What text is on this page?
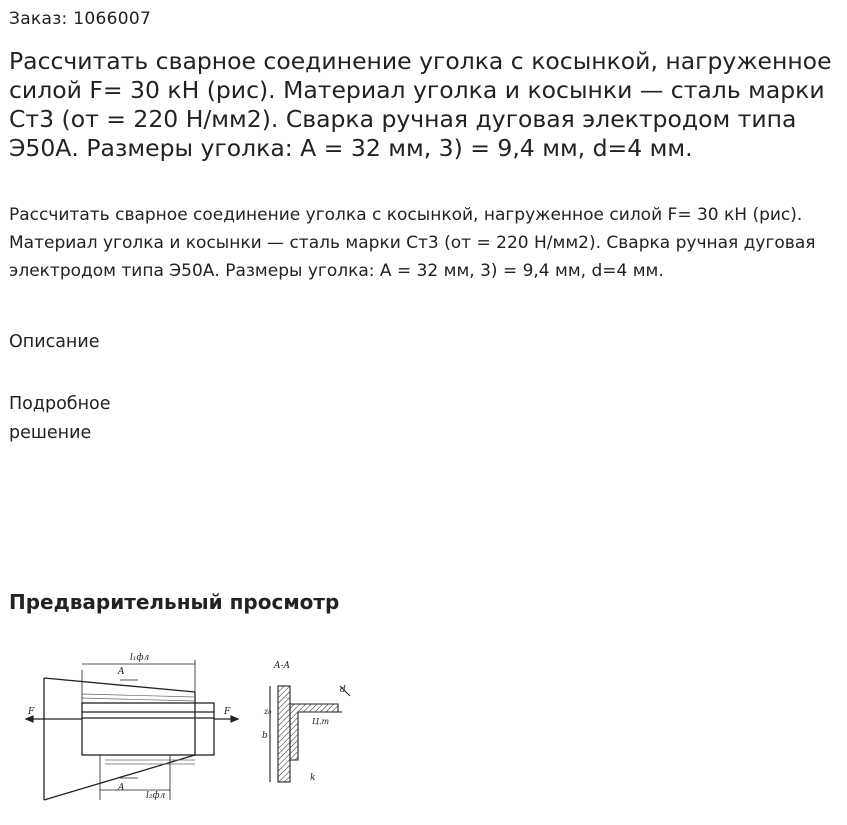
Заказ: 1066007
Рассчитать сварное соединение уголка с косынкой, нагруженное силой F= 30 кН (рис). Материал уголка и косынки — сталь марки Ст3 (от = 220 Н/мм2). Сварка ручная дуговая электродом типа Э50А. Размеры уголка: А = 32 мм, 3) = 9,4 мм, d=4 мм.

Рассчитать сварное соединение уголка с косынкой, нагруженное силой F= 30 кН (рис). Материал уголка и косынки — сталь марки Ст3 (от = 220 Н/мм2). Сварка ручная дуговая электродом типа Э50А. Размеры уголка: А = 32 мм, 3) = 9,4 мм, d=4 мм.

Описание
Подробное решение
Предварительный просмотр
F	F
l₁фл
A
A
l₂фл
A-A
d
z₀
b
Ц.т
k
